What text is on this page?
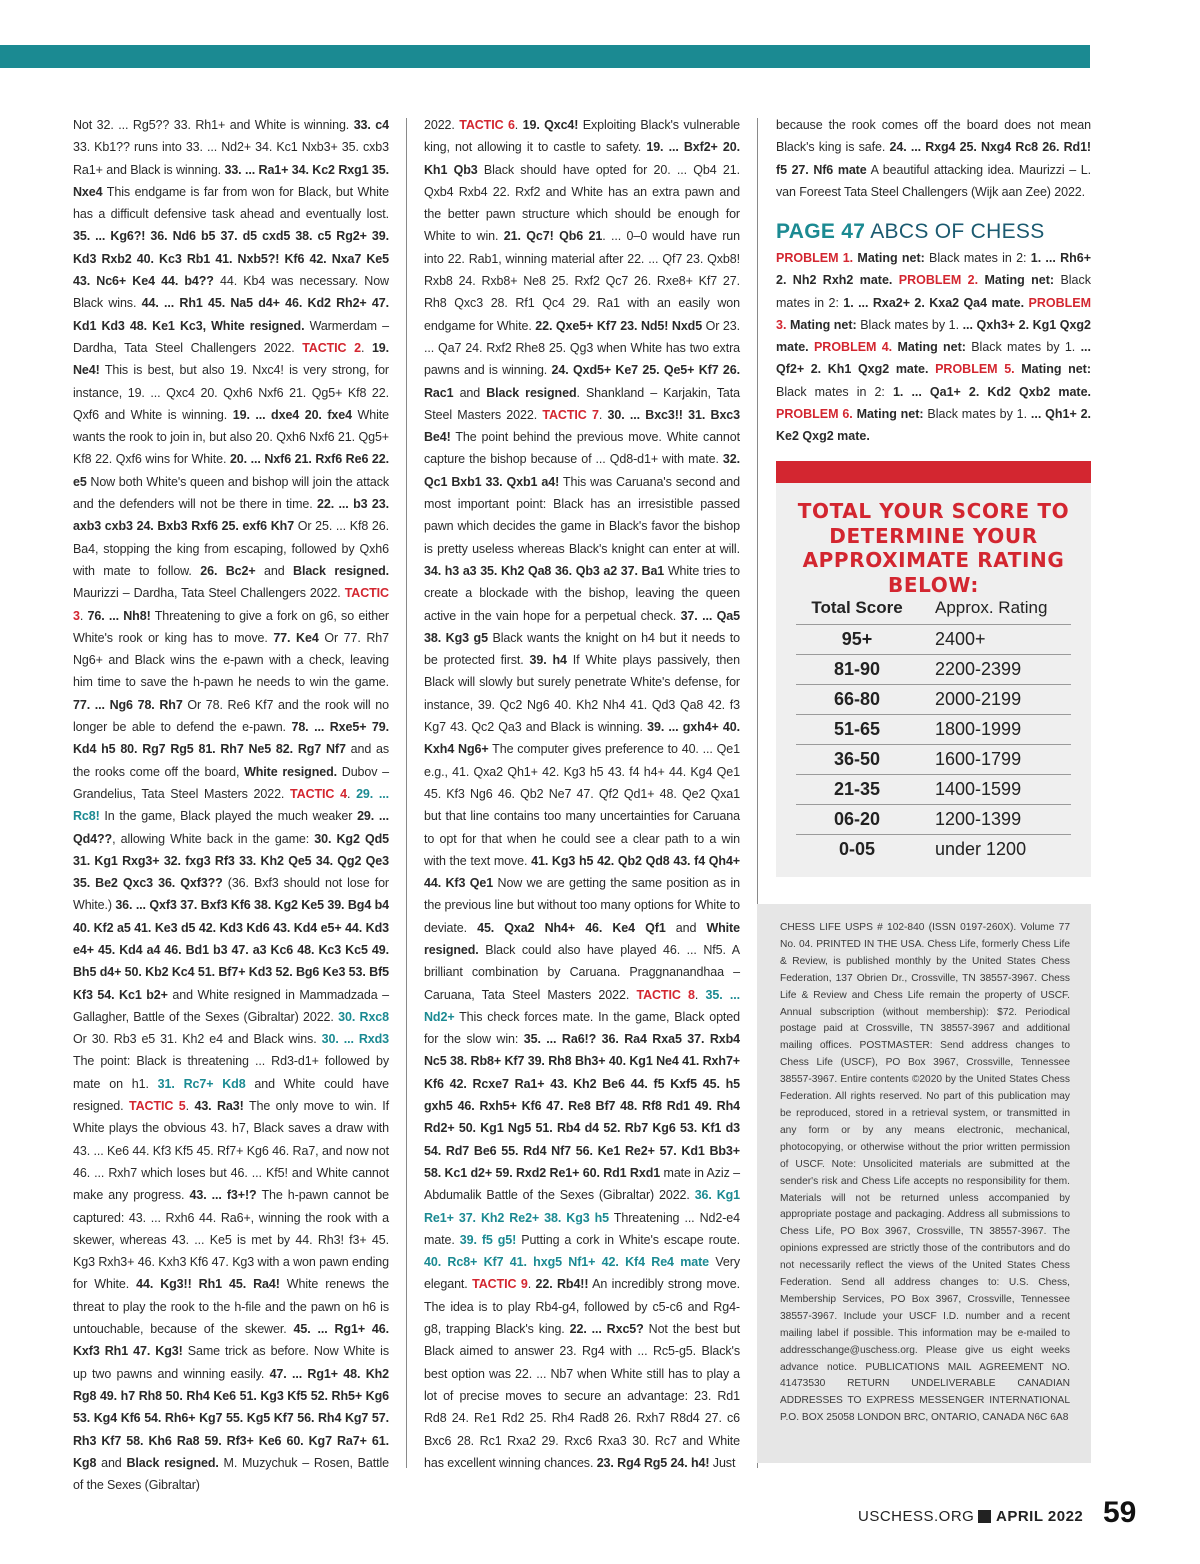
Not 32. ... Rg5?? 33. Rh1+ and White is winning. 33. c4 33. Kb1?? runs into 33. ... Nd2+ 34. Kc1 Nxb3+ 35. cxb3 Ra1+ and Black is winning. 33. ... Ra1+ 34. Kc2 Rxg1 35. Nxe4 This endgame is far from won for Black, but White has a difficult defensive task ahead and eventually lost. 35. ... Kg6?! 36. Nd6 b5 37. d5 cxd5 38. c5 Rg2+ 39. Kd3 Rxb2 40. Kc3 Rb1 41. Nxb5?! Kf6 42. Nxa7 Ke5 43. Nc6+ Ke4 44. b4?? 44. Kb4 was necessary. Now Black wins. 44. ... Rh1 45. Na5 d4+ 46. Kd2 Rh2+ 47. Kd1 Kd3 48. Ke1 Kc3, White resigned. Warmerdam – Dardha, Tata Steel Challengers 2022. TACTIC 2. 19. Ne4! This is best, but also 19. Nxc4! is very strong, for instance, 19. ... Qxc4 20. Qxh6 Nxf6 21. Qg5+ Kf8 22. Qxf6 and White is winning. 19. ... dxe4 20. fxe4 White wants the rook to join in, but also 20. Qxh6 Nxf6 21. Qg5+ Kf8 22. Qxf6 wins for White. 20. ... Nxf6 21. Rxf6 Re6 22. e5 Now both White's queen and bishop will join the attack and the defenders will not be there in time. 22. ... b3 23. axb3 cxb3 24. Bxb3 Rxf6 25. exf6 Kh7 Or 25. ... Kf8 26. Ba4, stopping the king from escaping, followed by Qxh6 with mate to follow. 26. Bc2+ and Black resigned. Maurizzi – Dardha, Tata Steel Challengers 2022. TACTIC 3. 76. ... Nh8! Threatening to give a fork on g6, so either White's rook or king has to move. 77. Ke4 Or 77. Rh7 Ng6+ and Black wins the e-pawn with a check, leaving him time to save the h-pawn he needs to win the game. 77. ... Ng6 78. Rh7 Or 78. Re6 Kf7 and the rook will no longer be able to defend the e-pawn. 78. ... Rxe5+ 79. Kd4 h5 80. Rg7 Rg5 81. Rh7 Ne5 82. Rg7 Nf7 and as the rooks come off the board, White resigned. Dubov – Grandelius, Tata Steel Masters 2022. TACTIC 4. 29. ... Rc8! In the game, Black played the much weaker 29. ... Qd4??, allowing White back in the game: 30. Kg2 Qd5 31. Kg1 Rxg3+ 32. fxg3 Rf3 33. Kh2 Qe5 34. Qg2 Qe3 35. Be2 Qxc3 36. Qxf3?? (36. Bxf3 should not lose for White.) 36. ... Qxf3 37. Bxf3 Kf6 38. Kg2 Ke5 39. Bg4 b4 40. Kf2 a5 41. Ke3 d5 42. Kd3 Kd6 43. Kd4 e5+ 44. Kd3 e4+ 45. Kd4 a4 46. Bd1 b3 47. a3 Kc6 48. Kc3 Kc5 49. Bh5 d4+ 50. Kb2 Kc4 51. Bf7+ Kd3 52. Bg6 Ke3 53. Bf5 Kf3 54. Kc1 b2+ and White resigned in Mammadzada – Gallagher, Battle of the Sexes (Gibraltar) 2022. 30. Rxc8 Or 30. Rb3 e5 31. Kh2 e4 and Black wins. 30. ... Rxd3 The point: Black is threatening ... Rd3-d1+ followed by mate on h1. 31. Rc7+ Kd8 and White could have resigned. TACTIC 5. 43. Ra3! The only move to win. If White plays the obvious 43. h7, Black saves a draw with 43. ... Ke6 44. Kf3 Kf5 45. Rf7+ Kg6 46. Ra7, and now not 46. ... Rxh7 which loses but 46. ... Kf5! and White cannot make any progress. 43. ... f3+!? The h-pawn cannot be captured: 43. ... Rxh6 44. Ra6+, winning the rook with a skewer, whereas 43. ... Ke5 is met by 44. Rh3! f3+ 45. Kg3 Rxh3+ 46. Kxh3 Kf6 47. Kg3 with a won pawn ending for White. 44. Kg3!! Rh1 45. Ra4! White renews the threat to play the rook to the h-file and the pawn on h6 is untouchable, because of the skewer. 45. ... Rg1+ 46. Kxf3 Rh1 47. Kg3! Same trick as before. Now White is up two pawns and winning easily. 47. ... Rg1+ 48. Kh2 Rg8 49. h7 Rh8 50. Rh4 Ke6 51. Kg3 Kf5 52. Rh5+ Kg6 53. Kg4 Kf6 54. Rh6+ Kg7 55. Kg5 Kf7 56. Rh4 Kg7 57. Rh3 Kf7 58. Kh6 Ra8 59. Rf3+ Ke6 60. Kg7 Ra7+ 61. Kg8 and Black resigned. M. Muzychuk – Rosen, Battle of the Sexes (Gibraltar)

2022. TACTIC 6. 19. Qxc4! Exploiting Black's vulnerable king, not allowing it to castle to safety. 19. ... Bxf2+ 20. Kh1 Qb3 Black should have opted for 20. ... Qb4 21. Qxb4 Rxb4 22. Rxf2 and White has an extra pawn and the better pawn structure which should be enough for White to win. 21. Qc7! Qb6 21. ... 0–0 would have run into 22. Rab1, winning material after 22. ... Qf7 23. Qxb8! Rxb8 24. Rxb8+ Ne8 25. Rxf2 Qc7 26. Rxe8+ Kf7 27. Rh8 Qxc3 28. Rf1 Qc4 29. Ra1 with an easily won endgame for White. 22. Qxe5+ Kf7 23. Nd5! Nxd5 Or 23. ... Qa7 24. Rxf2 Rhe8 25. Qg3 when White has two extra pawns and is winning. 24. Qxd5+ Ke7 25. Qe5+ Kf7 26. Rac1 and Black resigned. Shankland – Karjakin, Tata Steel Masters 2022. TACTIC 7. 30. ... Bxc3!! 31. Bxc3 Be4! The point behind the previous move. White cannot capture the bishop because of ... Qd8-d1+ with mate. 32. Qc1 Bxb1 33. Qxb1 a4! This was Caruana's second and most important point: Black has an irresistible passed pawn which decides the game in Black's favor the bishop is pretty useless whereas Black's knight can enter at will. 34. h3 a3 35. Kh2 Qa8 36. Qb3 a2 37. Ba1 White tries to create a blockade with the bishop, leaving the queen active in the vain hope for a perpetual check. 37. ... Qa5 38. Kg3 g5 Black wants the knight on h4 but it needs to be protected first. 39. h4 If White plays passively, then Black will slowly but surely penetrate White's defense, for instance, 39. Qc2 Ng6 40. Kh2 Nh4 41. Qd3 Qa8 42. f3 Kg7 43. Qc2 Qa3 and Black is winning. 39. ... gxh4+ 40. Kxh4 Ng6+ The computer gives preference to 40. ... Qe1 e.g., 41. Qxa2 Qh1+ 42. Kg3 h5 43. f4 h4+ 44. Kg4 Qe1 45. Kf3 Ng6 46. Qb2 Ne7 47. Qf2 Qd1+ 48. Qe2 Qxa1 but that line contains too many uncertainties for Caruana to opt for that when he could see a clear path to a win with the text move. 41. Kg3 h5 42. Qb2 Qd8 43. f4 Qh4+ 44. Kf3 Qe1 Now we are getting the same position as in the previous line but without too many options for White to deviate. 45. Qxa2 Nh4+ 46. Ke4 Qf1 and White resigned. Black could also have played 46. ... Nf5. A brilliant combination by Caruana. Praggnanandhaa – Caruana, Tata Steel Masters 2022. TACTIC 8. 35. ... Nd2+ This check forces mate. In the game, Black opted for the slow win: 35. ... Ra6!? 36. Ra4 Rxa5 37. Rxb4 Nc5 38. Rb8+ Kf7 39. Rh8 Bh3+ 40. Kg1 Ne4 41. Rxh7+ Kf6 42. Rcxe7 Ra1+ 43. Kh2 Be6 44. f5 Kxf5 45. h5 gxh5 46. Rxh5+ Kf6 47. Re8 Bf7 48. Rf8 Rd1 49. Rh4 Rd2+ 50. Kg1 Ng5 51. Rb4 d4 52. Rb7 Kg6 53. Kf1 d3 54. Rd7 Be6 55. Rd4 Nf7 56. Ke1 Re2+ 57. Kd1 Bb3+ 58. Kc1 d2+ 59. Rxd2 Re1+ 60. Rd1 Rxd1 mate in Aziz – Abdumalik Battle of the Sexes (Gibraltar) 2022. 36. Kg1 Re1+ 37. Kh2 Re2+ 38. Kg3 h5 Threatening ... Nd2-e4 mate. 39. f5 g5! Putting a cork in White's escape route. 40. Rc8+ Kf7 41. hxg5 Nf1+ 42. Kf4 Re4 mate Very elegant. TACTIC 9. 22. Rb4!! An incredibly strong move. The idea is to play Rb4-g4, followed by c5-c6 and Rg4-g8, trapping Black's king. 22. ... Rxc5? Not the best but Black aimed to answer 23. Rg4 with ... Rc5-g5. Black's best option was 22. ... Nb7 when White still has to play a lot of precise moves to secure an advantage: 23. Rd1 Rd8 24. Re1 Rd2 25. Rh4 Rad8 26. Rxh7 R8d4 27. c6 Bxc6 28. Rc1 Rxa2 29. Rxc6 Rxa3 30. Rc7 and White has excellent winning chances. 23. Rg4 Rg5 24. h4! Just

because the rook comes off the board does not mean Black's king is safe. 24. ... Rxg4 25. Nxg4 Rc8 26. Rd1! f5 27. Nf6 mate A beautiful attacking idea. Maurizzi – L. van Foreest Tata Steel Challengers (Wijk aan Zee) 2022.

PAGE 47 ABCS OF CHESS

PROBLEM 1. Mating net: Black mates in 2: 1. ... Rh6+ 2. Nh2 Rxh2 mate. PROBLEM 2. Mating net: Black mates in 2: 1. ... Rxa2+ 2. Kxa2 Qa4 mate. PROBLEM 3. Mating net: Black mates by 1. ... Qxh3+ 2. Kg1 Qxg2 mate. PROBLEM 4. Mating net: Black mates by 1. ... Qf2+ 2. Kh1 Qxg2 mate. PROBLEM 5. Mating net: Black mates in 2: 1. ... Qa1+ 2. Kd2 Qxb2 mate. PROBLEM 6. Mating net: Black mates by 1. ... Qh1+ 2. Ke2 Qxg2 mate.

TOTAL YOUR SCORE TO DETERMINE YOUR APPROXIMATE RATING BELOW:
Total Score	Approx. Rating
95+	2400+
81-90	2200-2399
66-80	2000-2199
51-65	1800-1999
36-50	1600-1799
21-35	1400-1599
06-20	1200-1399
0-05	under 1200
CHESS LIFE USPS # 102-840 (ISSN 0197-260X). Volume 77 No. 04. PRINTED IN THE USA. Chess Life, formerly Chess Life & Review, is published monthly by the United States Chess Federation, 137 Obrien Dr., Crossville, TN 38557-3967. Chess Life & Review and Chess Life remain the property of USCF. Annual subscription (without membership): $72. Periodical postage paid at Crossville, TN 38557-3967 and additional mailing offices. POSTMASTER: Send address changes to Chess Life (USCF), PO Box 3967, Crossville, Tennessee 38557-3967. Entire contents ©2020 by the United States Chess Federation. All rights reserved. No part of this publication may be reproduced, stored in a retrieval system, or transmitted in any form or by any means electronic, mechanical, photocopying, or otherwise without the prior written permission of USCF. Note: Unsolicited materials are submitted at the sender's risk and Chess Life accepts no responsibility for them. Materials will not be returned unless accompanied by appropriate postage and packaging. Address all submissions to Chess Life, PO Box 3967, Crossville, TN 38557-3967. The opinions expressed are strictly those of the contributors and do not necessarily reflect the views of the United States Chess Federation. Send all address changes to: U.S. Chess, Membership Services, PO Box 3967, Crossville, Tennessee 38557-3967. Include your USCF I.D. number and a recent mailing label if possible. This information may be e-mailed to addresschange@uschess.org. Please give us eight weeks advance notice. PUBLICATIONS MAIL AGREEMENT NO. 41473530 RETURN UNDELIVERABLE CANADIAN ADDRESSES TO EXPRESS MESSENGER INTERNATIONAL P.O. BOX 25058 LONDON BRC, ONTARIO, CANADA N6C 6A8
USCHESS.ORG APRIL 2022 59
